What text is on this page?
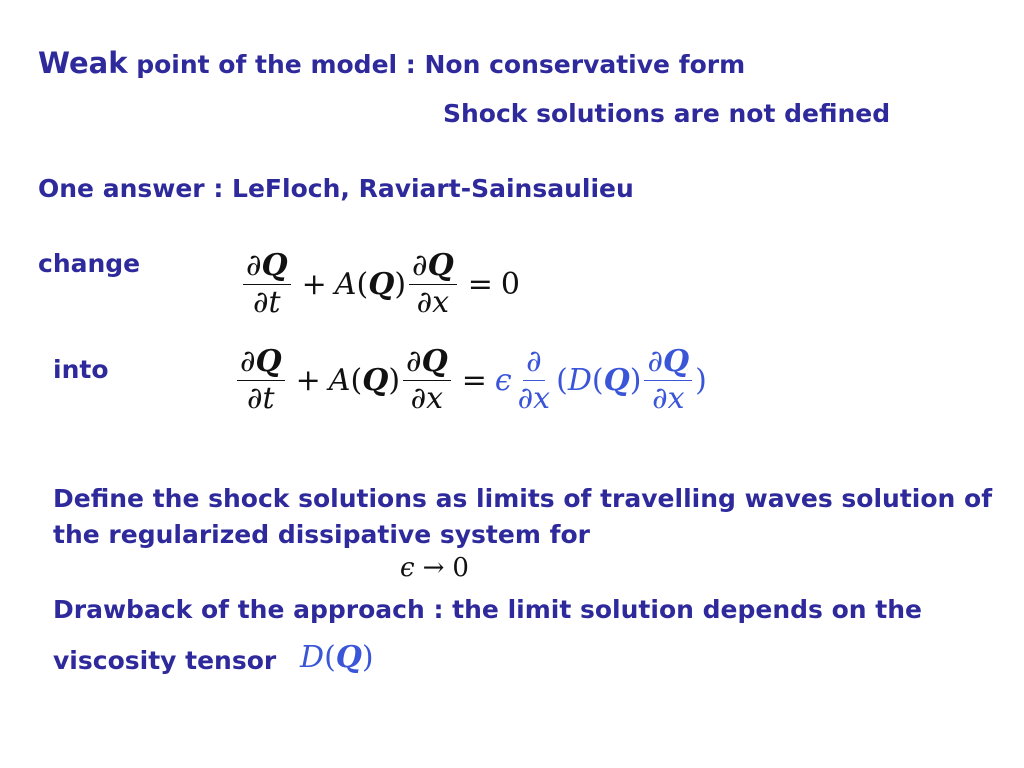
Weak point of the model : Non conservative form
Shock solutions are not defined
One answer : LeFloch, Raviart-Sainsaulieu
change
into
Define the shock solutions as limits of travelling waves solution of
the regularized dissipative system for
Drawback of the approach : the limit solution depends on the
viscosity tensor
$\frac{\partial Q}{\partial t} + A$ ( Q ) $\frac{\partial Q}{\partial x} = 0$
$\frac{\partial Q}{\partial t} + A$ ( Q ) $\frac{\partial Q}{\partial x} = \epsilon \frac{\partial}{\partial x}$ ( D ( Q ) $\frac{\partial Q}{\partial x}$ )
ϵ → 0
D ( Q )
